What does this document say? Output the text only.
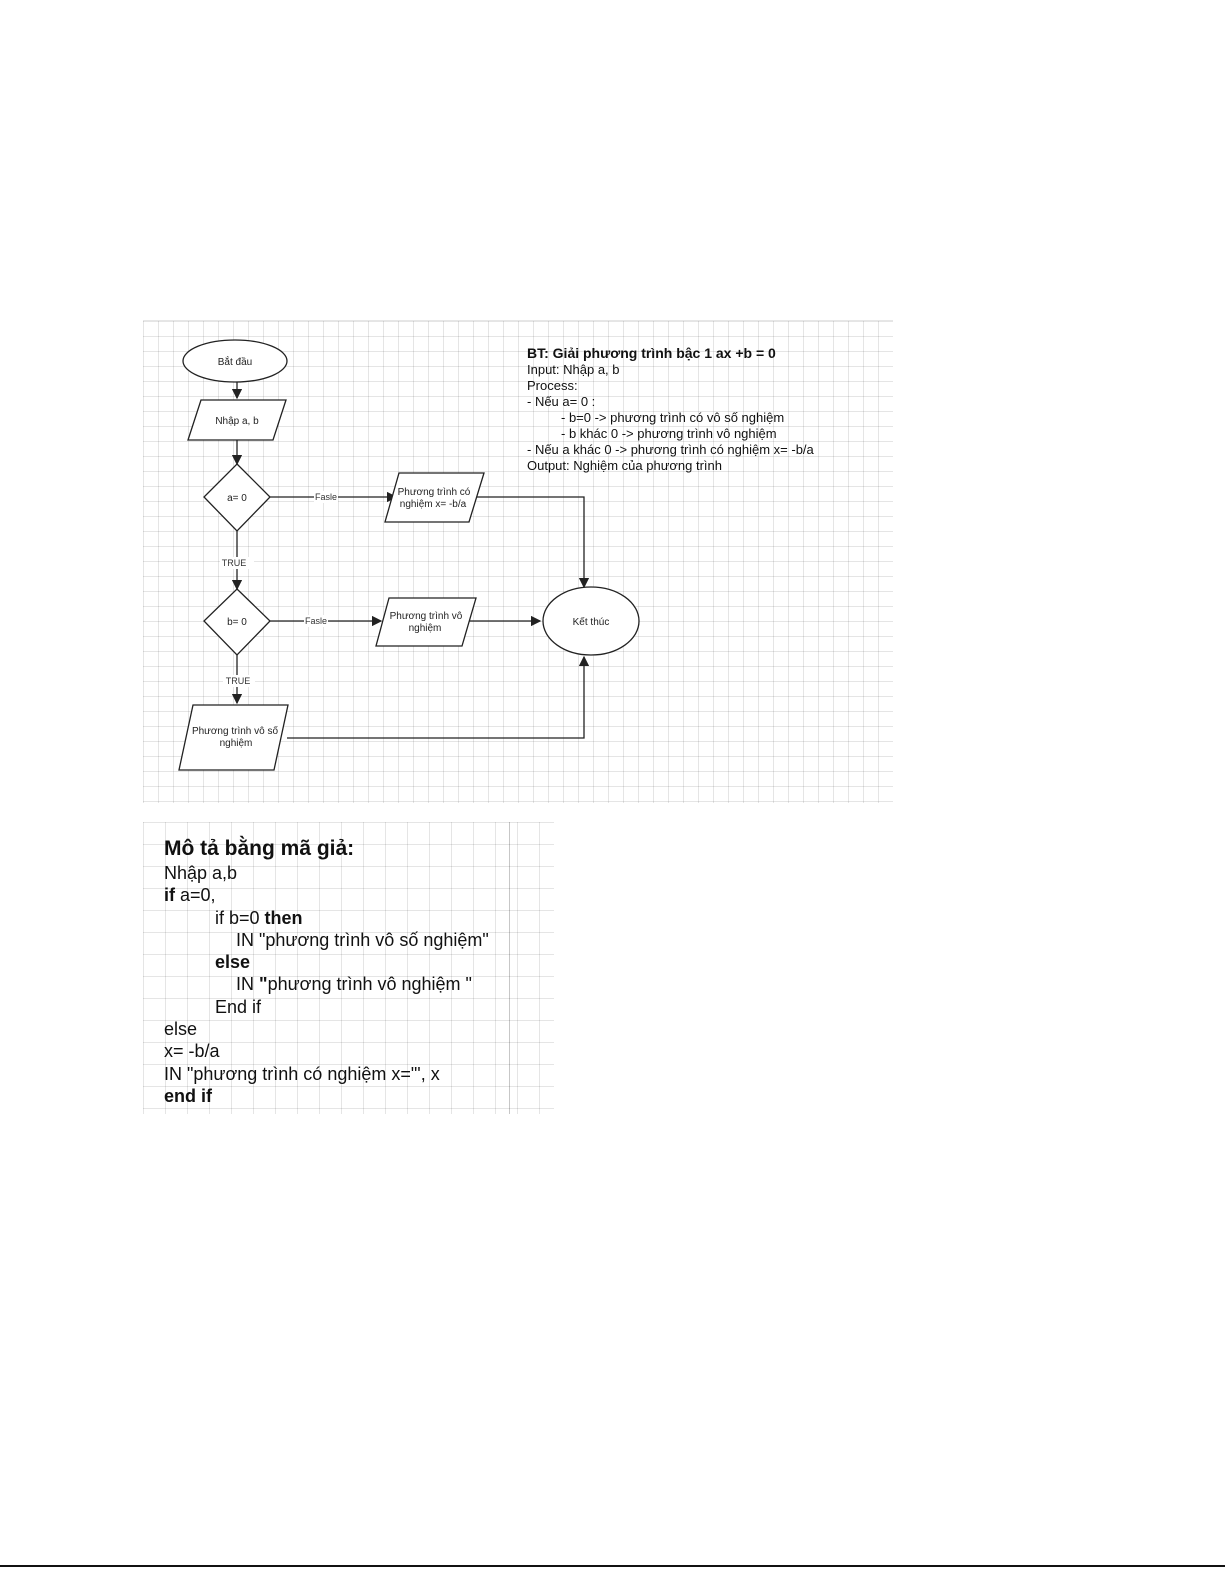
Fasle
TRUE
Fasle
TRUE
Bắt đầu
Nhập a, b
a= 0
Phương trình có
nghiệm x= -b/a
b= 0
Phương trình vô
nghiệm
Kết thúc
Phương trình vô số
nghiệm
BT: Giải phương trình bậc 1 ax +b = 0
Input: Nhập a, b
Process:
- Nếu a= 0 :
- b=0 -> phương trình có vô số nghiệm
- b khác 0 -> phương trình vô nghiệm
- Nếu a khác 0 -> phương trình có nghiệm x= -b/a
Output: Nghiệm của phương trình
Mô tả bằng mã giả:
Nhập a,b
if a=0,
if b=0 then
IN "phương trình vô số nghiệm"
else
IN "phương trình vô nghiệm "
End if
else
x= -b/a
IN "phương trình có nghiệm x="', x
end if
